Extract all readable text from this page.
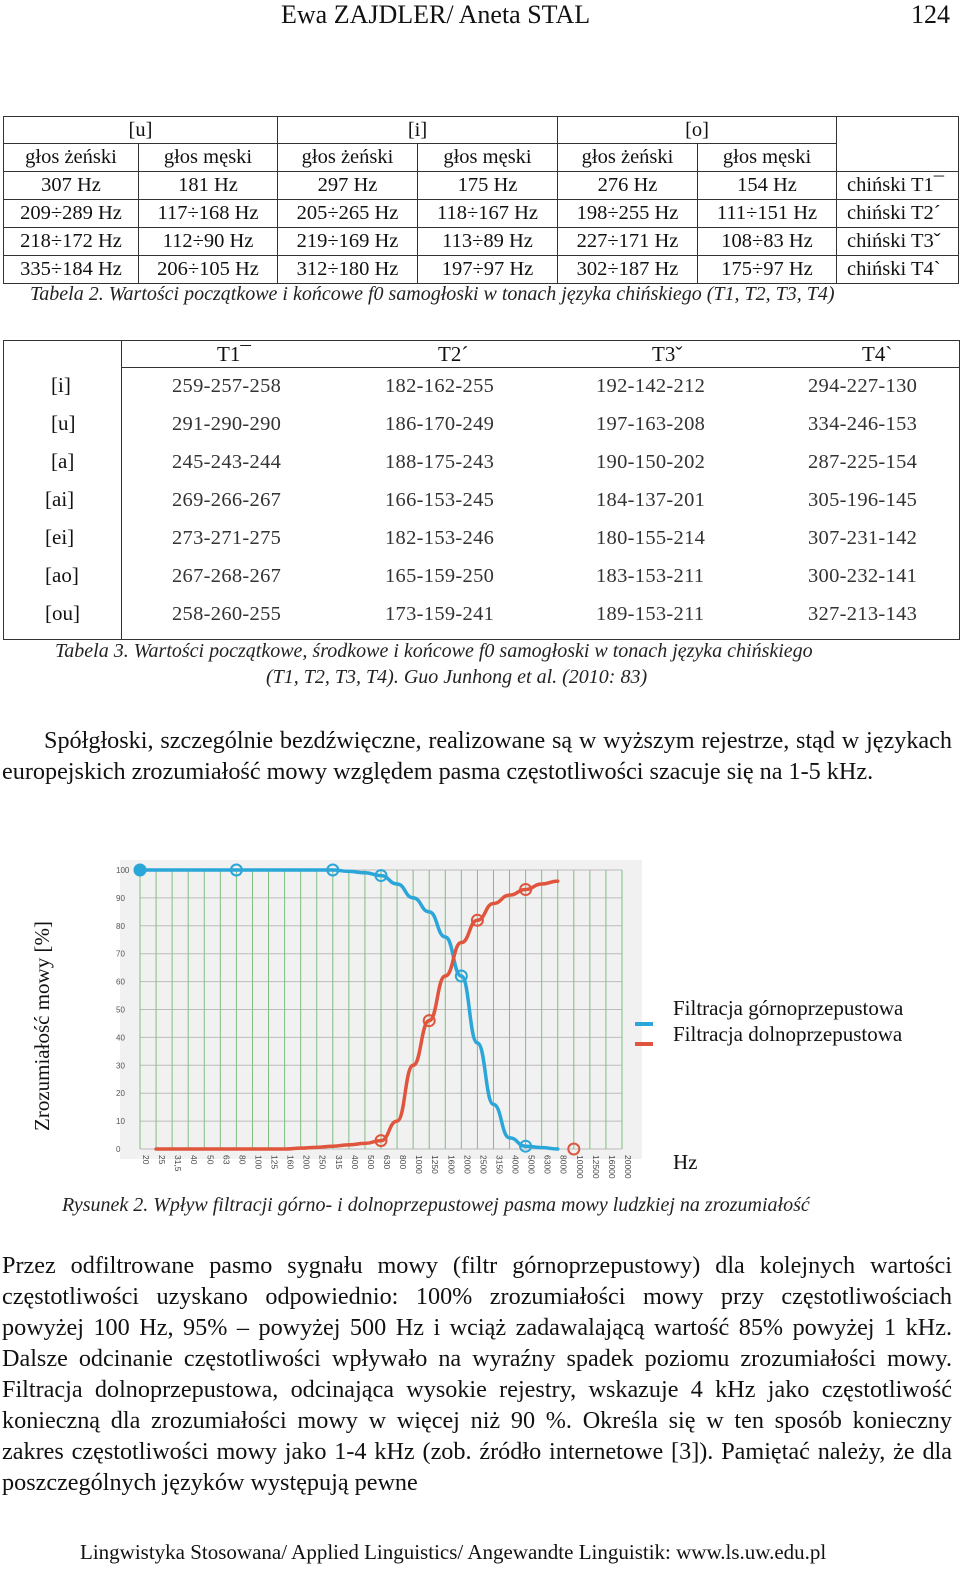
Ewa ZAJDLER/ Aneta STAL	124
[u]		[i]		[o]		
głos żeński	głos męski	głos żeński	głos męski	głos żeński	głos męski	
307 Hz	181 Hz	297 Hz	175 Hz	276 Hz	154 Hz	chiński T1¯
209÷289 Hz	117÷168 Hz	205÷265 Hz	118÷167 Hz	198÷255 Hz	111÷151 Hz	chiński T2´
218÷172 Hz	112÷90 Hz	219÷169 Hz	113÷89 Hz	227÷171 Hz	108÷83 Hz	chiński T3ˇ
335÷184 Hz	206÷105 Hz	312÷180 Hz	197÷97 Hz	302÷187 Hz	175÷97 Hz	chiński T4`
Tabela 2. Wartości początkowe i końcowe f0 samogłoski w tonach języka chińskiego (T1, T2, T3, T4)
T1¯	T2´	T3ˇ	T4`
[i]	259-257-258	182-162-255	192-142-212	294-227-130
[u]	291-290-290	186-170-249	197-163-208	334-246-153
[a]	245-243-244	188-175-243	190-150-202	287-225-154
[ai]	269-266-267	166-153-245	184-137-201	305-196-145
[ei]	273-271-275	182-153-246	180-155-214	307-231-142
[ao]	267-268-267	165-159-250	183-153-211	300-232-141
[ou]	258-260-255	173-159-241	189-153-211	327-213-143
Tabela 3. Wartości początkowe, środkowe i końcowe f0 samogłoski w tonach języka chińskiego
(T1, T2, T3, T4). Guo Junhong et al. (2010: 83)

Spółgłoski, szczególnie bezdźwięczne, realizowane są w wyższym rejestrze, stąd w językach europejskich zrozumiałość mowy względem pasma częstotliwości szacuje się na 1-5 kHz.

Zrozumiałość mowy [%]
0
10
20
30
40
50
60
70
80
90
100
20 25 31,5 40 50 63 80 100 125 160 200 250 315 400 500 630 800 1000 1250 1600 2000 2500 3150 4000 5000 6300 8000 10000 12500 16000 20000
Filtracja górnoprzepustowa
Filtracja dolnoprzepustowa
Hz
Rysunek 2. Wpływ filtracji górno- i dolnoprzepustowej pasma mowy ludzkiej na zrozumiałość

Przez odfiltrowane pasmo sygnału mowy (filtr górnoprzepustowy) dla kolejnych wartości częstotliwości uzyskano odpowiednio: 100% zrozumiałości mowy przy częstotliwościach powyżej 100 Hz, 95% – powyżej 500 Hz i wciąż zadawalającą wartość 85% powyżej 1 kHz. Dalsze odcinanie częstotliwości wpływało na wyraźny spadek poziomu zrozumiałości mowy. Filtracja dolnoprzepustowa, odcinająca wysokie rejestry, wskazuje 4 kHz jako częstotliwość konieczną dla zrozumiałości mowy w więcej niż 90 %. Określa się w ten sposób konieczny zakres częstotliwości mowy jako 1-4 kHz (zob. źródło internetowe [3]). Pamiętać należy, że dla poszczególnych języków występują pewne

Lingwistyka Stosowana/ Applied Linguistics/ Angewandte Linguistik: www.ls.uw.edu.pl
